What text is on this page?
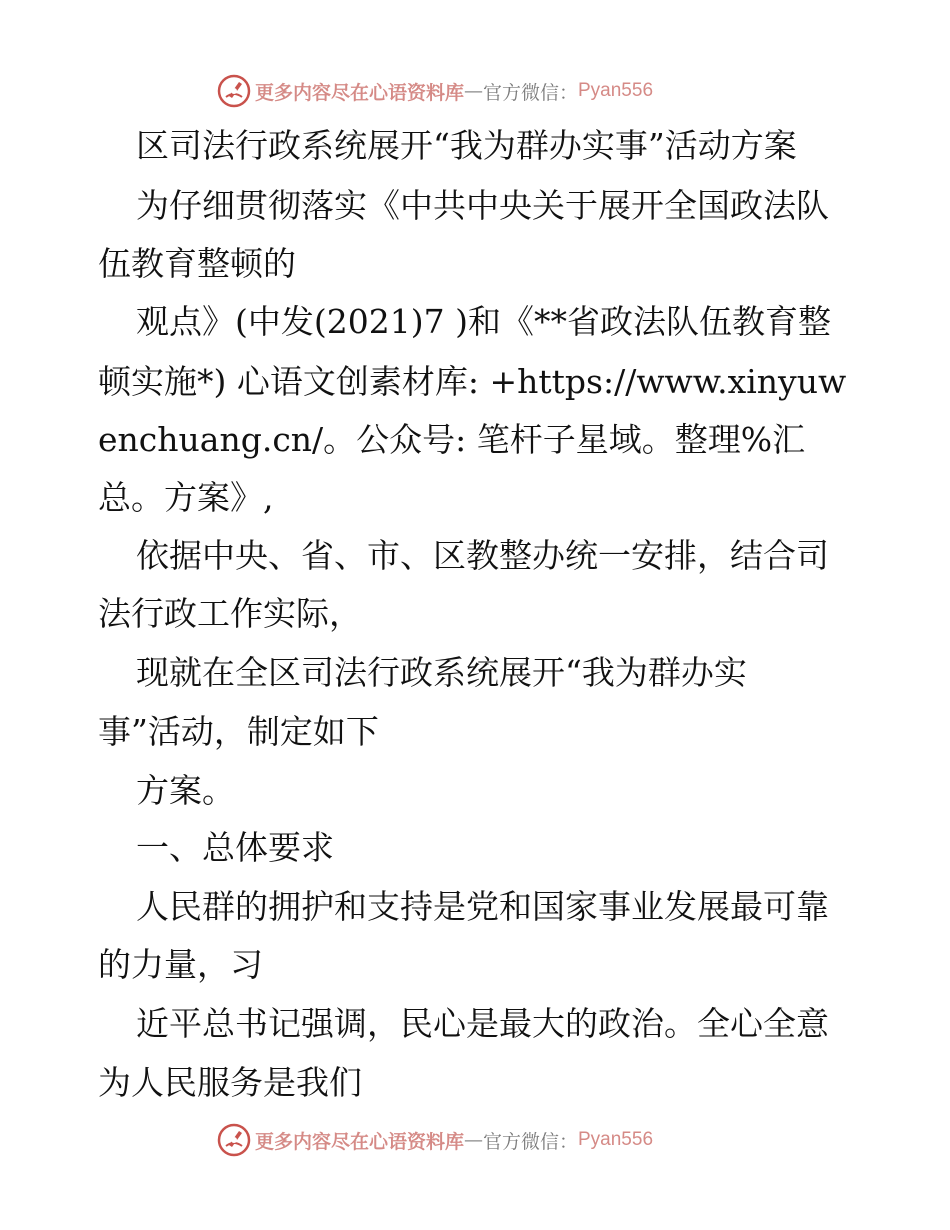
更多内容尽在心语资料库 — 官方微信： Pyan556
区司法行政系统展开“我为群办实事”活动方案
为仔细贯彻落实《中共中央关于展开全国政法队
伍教育整顿的
观点》(中发(2021)7 )和《**省政法队伍教育整
顿实施*) 心语文创素材库: +https://www.xinyuw
enchuang.cn/。公众号: 笔杆子星域。整理%汇
总。方案》,
依据中央、省、市、区教整办统一安排，结合司
法行政工作实际，
现就在全区司法行政系统展开“我为群办实
事”活动，制定如下
方案。
一、总体要求
人民群的拥护和支持是党和国家事业发展最可靠
的力量，习
近平总书记强调，民心是最大的政治。全心全意
为人民服务是我们
更多内容尽在心语资料库 — 官方微信： Pyan556
